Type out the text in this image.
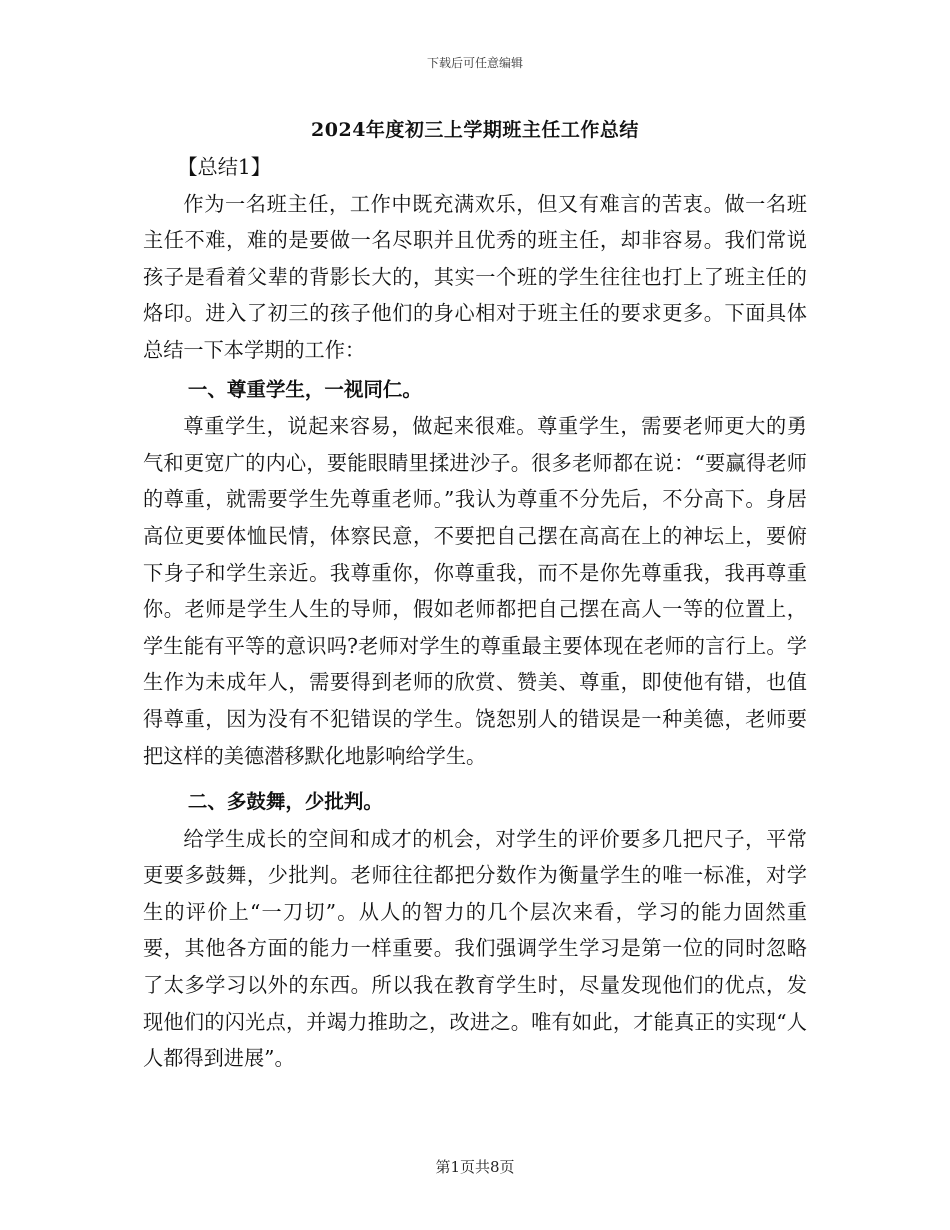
下载后可任意编辑
2024年度初三上学期班主任工作总结

【总结1】

作为一名班主任，工作中既充满欢乐，但又有难言的苦衷。做一名班主任不难，难的是要做一名尽职并且优秀的班主任，却非容易。我们常说孩子是看着父辈的背影长大的，其实一个班的学生往往也打上了班主任的烙印。进入了初三的孩子他们的身心相对于班主任的要求更多。下面具体总结一下本学期的工作：

一、尊重学生，一视同仁。

尊重学生，说起来容易，做起来很难。尊重学生，需要老师更大的勇气和更宽广的内心，要能眼睛里揉进沙子。很多老师都在说：“要赢得老师的尊重，就需要学生先尊重老师。”我认为尊重不分先后，不分高下。身居高位更要体恤民情，体察民意，不要把自己摆在高高在上的神坛上，要俯下身子和学生亲近。我尊重你，你尊重我，而不是你先尊重我，我再尊重你。老师是学生人生的导师，假如老师都把自己摆在高人一等的位置上，学生能有平等的意识吗?老师对学生的尊重最主要体现在老师的言行上。学生作为未成年人，需要得到老师的欣赏、赞美、尊重，即使他有错，也值得尊重，因为没有不犯错误的学生。饶恕别人的错误是一种美德，老师要把这样的美德潜移默化地影响给学生。

二、多鼓舞，少批判。

给学生成长的空间和成才的机会，对学生的评价要多几把尺子，平常更要多鼓舞，少批判。老师往往都把分数作为衡量学生的唯一标准，对学生的评价上“一刀切”。从人的智力的几个层次来看，学习的能力固然重要，其他各方面的能力一样重要。我们强调学生学习是第一位的同时忽略了太多学习以外的东西。所以我在教育学生时，尽量发现他们的优点，发现他们的闪光点，并竭力推助之，改进之。唯有如此，才能真正的实现“人人都得到进展”。

第1页共8页
